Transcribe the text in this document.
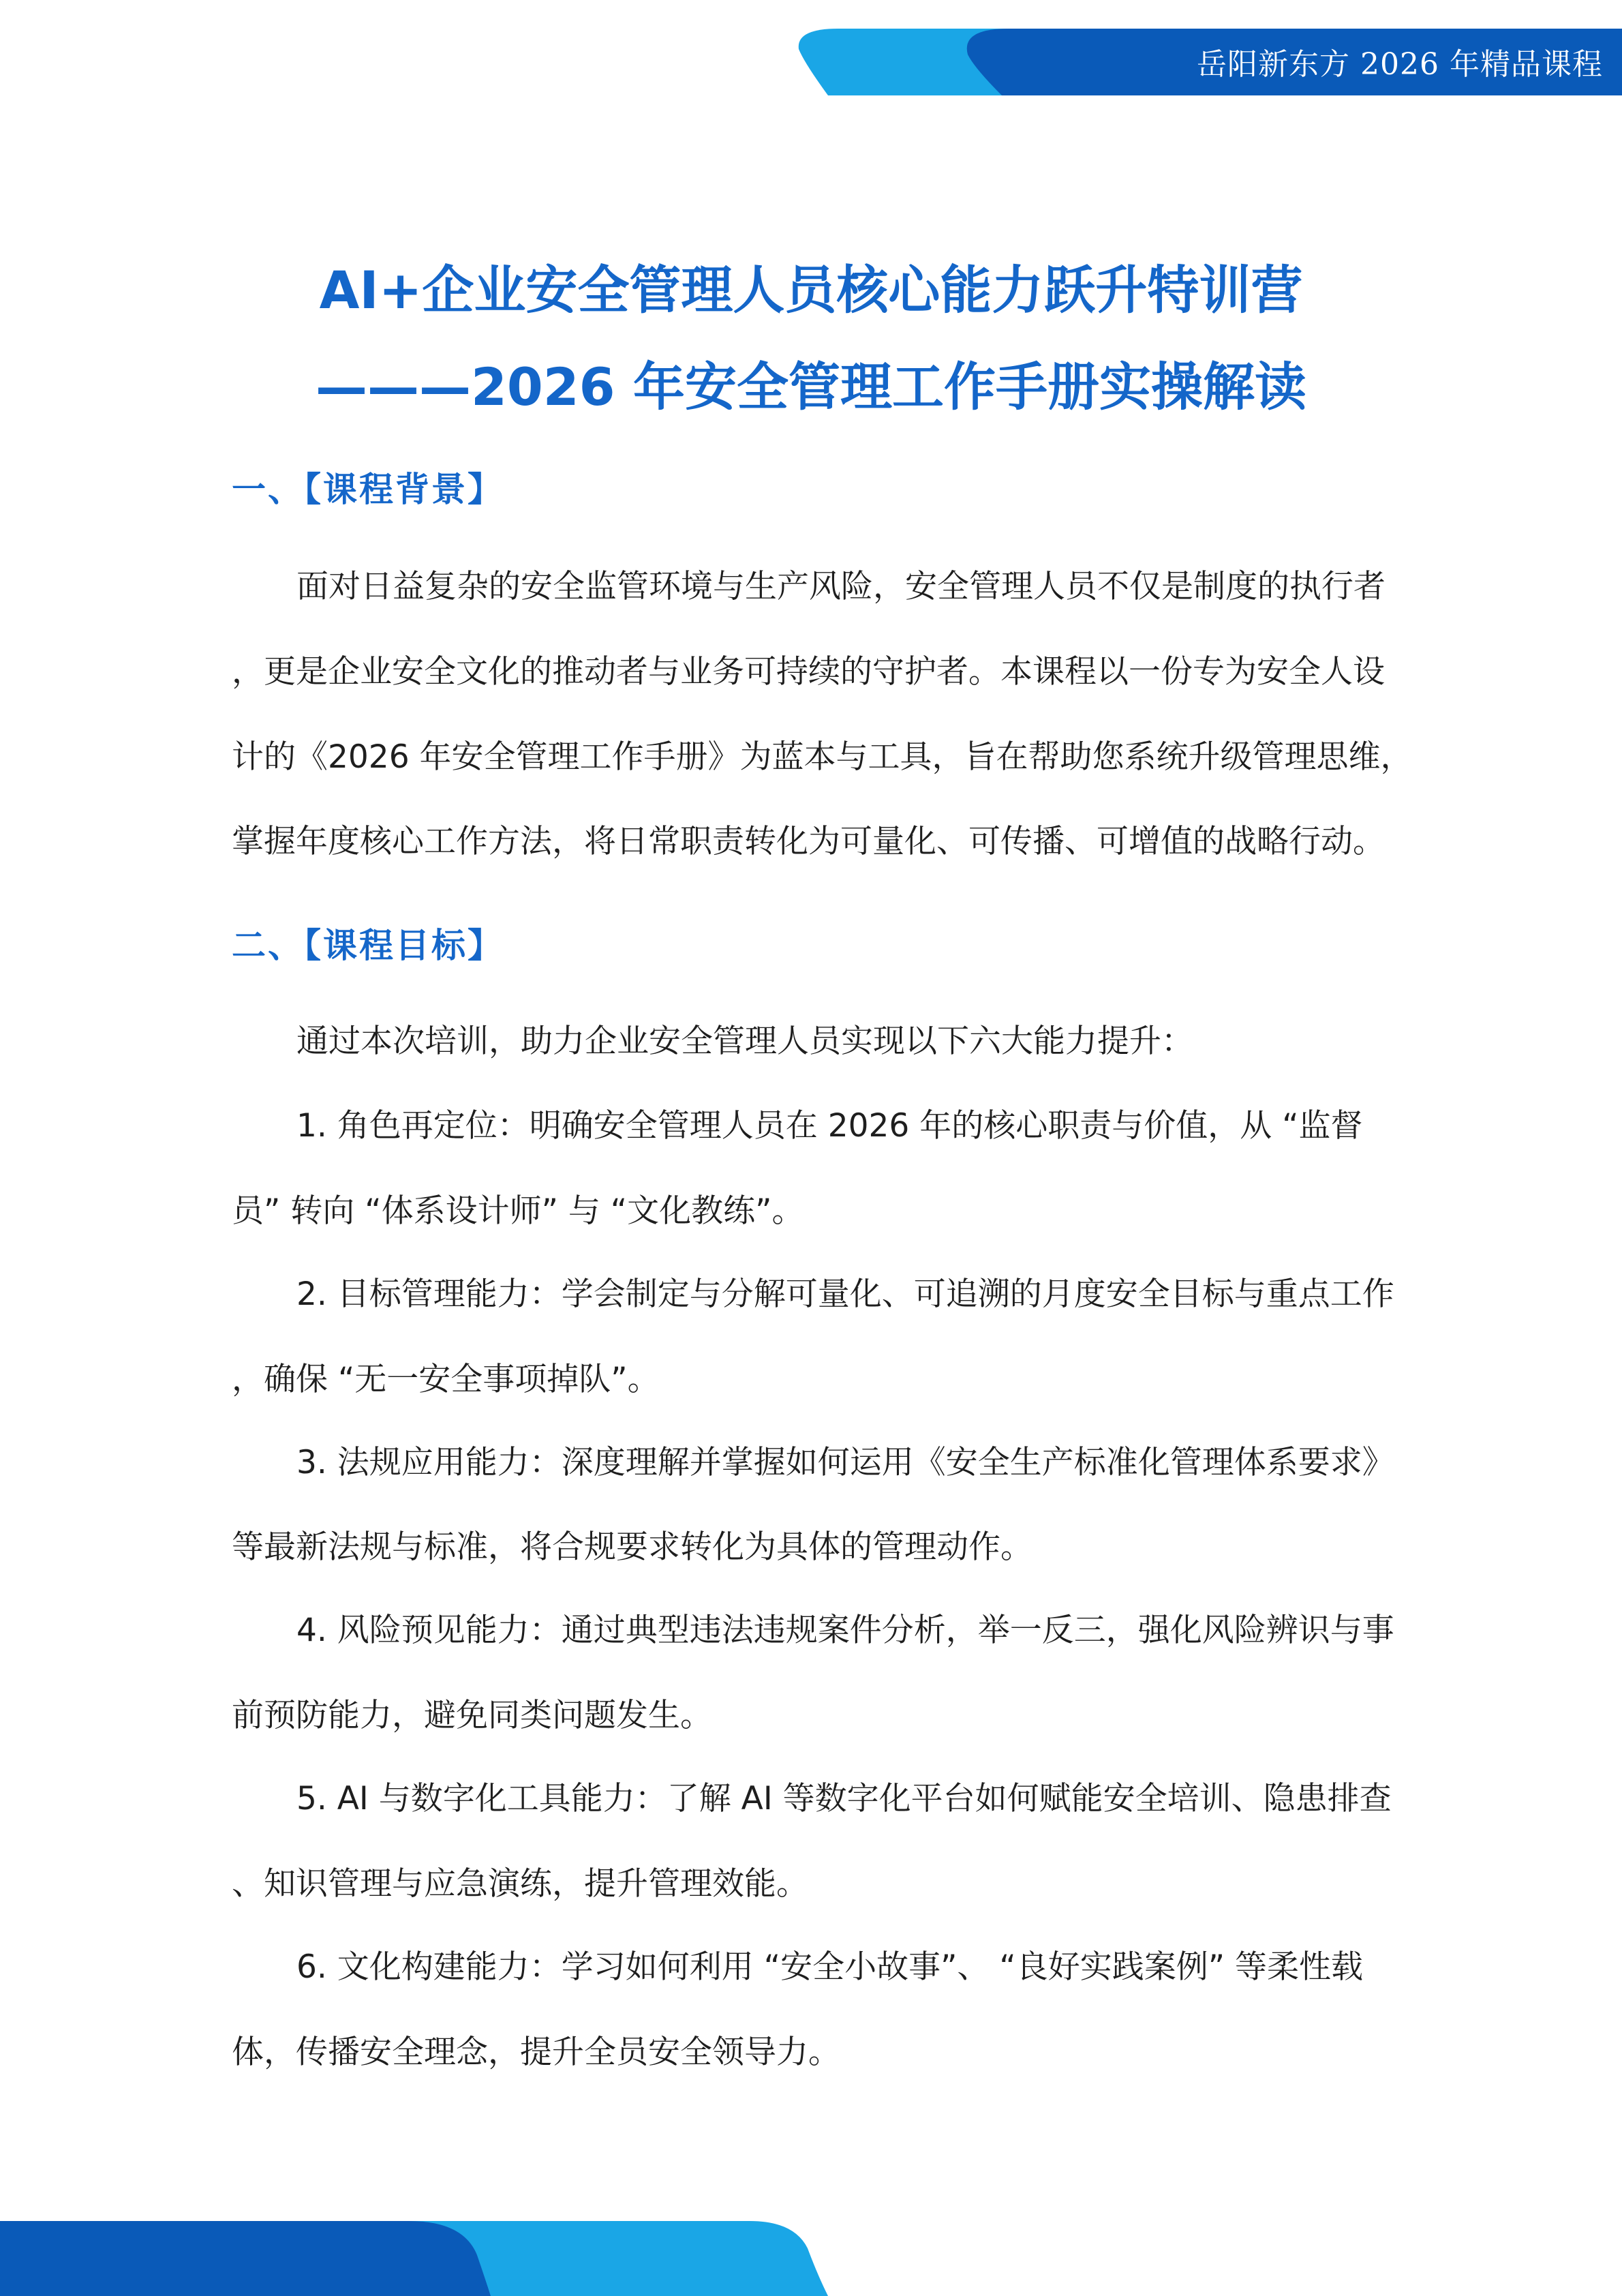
岳阳新东方 2026 年精品课程
AI+企业安全管理人员核心能力跃升特训营
———2026 年安全管理工作手册实操解读
一、【课程背景】
面对日益复杂的安全监管环境与生产风险，安全管理人员不仅是制度的执行者
，更是企业安全文化的推动者与业务可持续的守护者。本课程以一份专为安全人设
计的《2026 年安全管理工作手册》为蓝本与工具，旨在帮助您系统升级管理思维，
掌握年度核心工作方法，将日常职责转化为可量化、可传播、可增值的战略行动。
二、【课程目标】
通过本次培训，助力企业安全管理人员实现以下六大能力提升：
1. 角色再定位：明确安全管理人员在 2026 年的核心职责与价值，从 “监督
员” 转向 “体系设计师” 与 “文化教练”。
2. 目标管理能力：学会制定与分解可量化、可追溯的月度安全目标与重点工作
，确保 “无一安全事项掉队”。
3. 法规应用能力：深度理解并掌握如何运用《安全生产标准化管理体系要求》
等最新法规与标准，将合规要求转化为具体的管理动作。
4. 风险预见能力：通过典型违法违规案件分析，举一反三，强化风险辨识与事
前预防能力，避免同类问题发生。
5. AI 与数字化工具能力：了解 AI 等数字化平台如何赋能安全培训、隐患排查
、知识管理与应急演练，提升管理效能。
6. 文化构建能力：学习如何利用 “安全小故事”、 “良好实践案例” 等柔性载
体，传播安全理念，提升全员安全领导力。
